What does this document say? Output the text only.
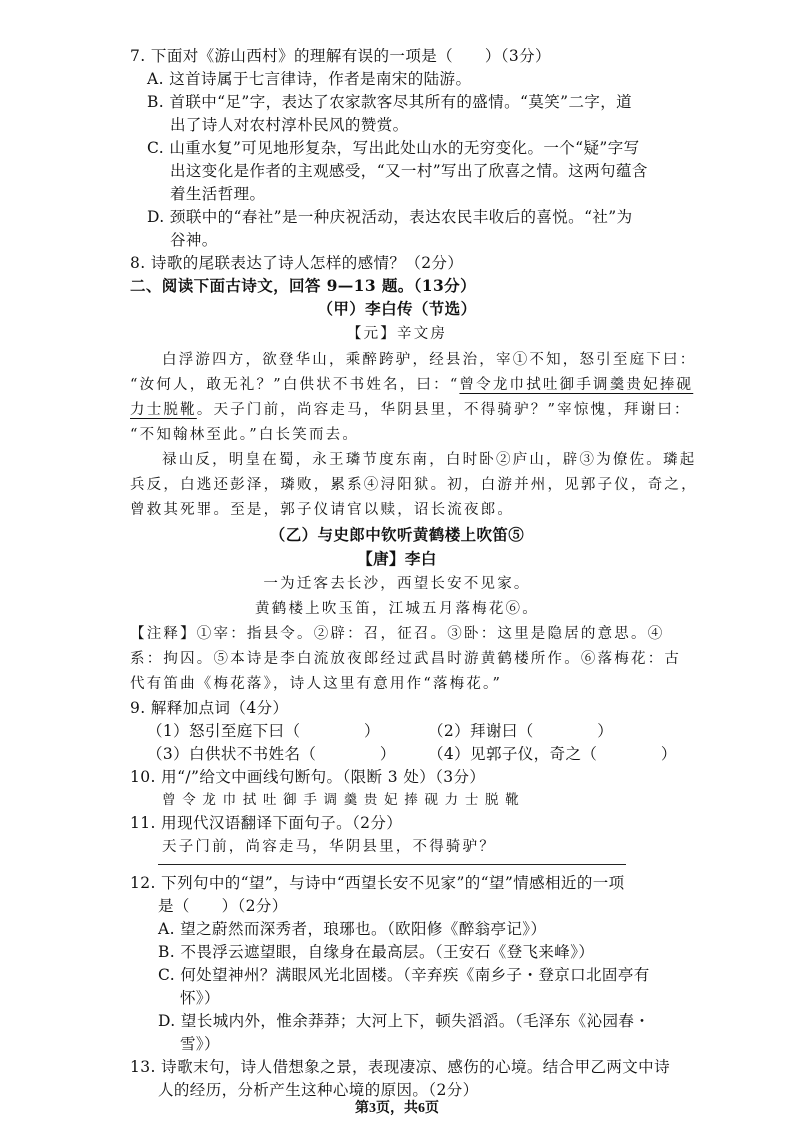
7. 下面对《游山西村》的理解有误的一项是（　　）（3分）
A. 这首诗属于七言律诗，作者是南宋的陆游。
B. 首联中“足”字，表达了农家款客尽其所有的盛情。“莫笑”二字，道
出了诗人对农村淳朴民风的赞赏。
C. 山重水复”可见地形复杂，写出此处山水的无穷变化。一个“疑”字写
出这变化是作者的主观感受，“又一村”写出了欣喜之情。这两句蕴含
着生活哲理。
D. 颈联中的“春社”是一种庆祝活动，表达农民丰收后的喜悦。“社”为
谷神。
8. 诗歌的尾联表达了诗人怎样的感情？（2分）
二、阅读下面古诗文，回答 9—13 题。（13分）
（甲）李白传（节选）
【元】辛文房
白浮游四方，欲登华山，乘醉跨驴，经县治，宰①不知，怒引至庭下曰：
“汝何人，敢无礼？”白供状不书姓名，曰：“曾令龙巾拭吐御手调羹贵妃捧砚
力士脱靴。天子门前，尚容走马，华阴县里，不得骑驴？”宰惊愧，拜谢曰：
“不知翰林至此。”白长笑而去。
禄山反，明皇在蜀，永王璘节度东南，白时卧②庐山，辟③为僚佐。璘起
兵反，白逃还彭泽，璘败，累系④浔阳狱。初，白游并州，见郭子仪，奇之，
曾救其死罪。至是，郭子仪请官以赎，诏长流夜郎。
（乙）与史郎中钦听黄鹤楼上吹笛⑤
【唐】李白
一为迁客去长沙，西望长安不见家。
黄鹤楼上吹玉笛，江城五月落梅花⑥。
【注释】①宰：指县令。②辟：召，征召。③卧：这里是隐居的意思。④
系：拘囚。⑤本诗是李白流放夜郎经过武昌时游黄鹤楼所作。⑥落梅花：古
代有笛曲《梅花落》，诗人这里有意用作“落梅花。”
9. 解释加点词（4分）
（1）怒引至庭下曰（　　　　）	（2）拜谢曰（　　　　）
（3）白供状不书姓名（　　　　） （4）见郭子仪，奇之（　　　　）
10. 用“/”给文中画线句断句。（限断 3 处）（3分）
曾 令 龙 巾 拭 吐 御 手 调 羹 贵 妃 捧 砚 力 士 脱 靴
11. 用现代汉语翻译下面句子。（2分）
天子门前，尚容走马，华阴县里，不得骑驴？
12. 下列句中的“望”，与诗中“西望长安不见家”的“望”情感相近的一项
是（　　）（2分）
A. 望之蔚然而深秀者，琅琊也。（欧阳修《醉翁亭记》）
B. 不畏浮云遮望眼，自缘身在最高层。（王安石《登飞来峰》）
C. 何处望神州？满眼风光北固楼。（辛弃疾《南乡子・登京口北固亭有
怀》）
D. 望长城内外，惟余莽莽；大河上下，顿失滔滔。（毛泽东《沁园春・
雪》）
13. 诗歌末句，诗人借想象之景，表现凄凉、感伤的心境。结合甲乙两文中诗
人的经历，分析产生这种心境的原因。（2分）
第3页，共6页
